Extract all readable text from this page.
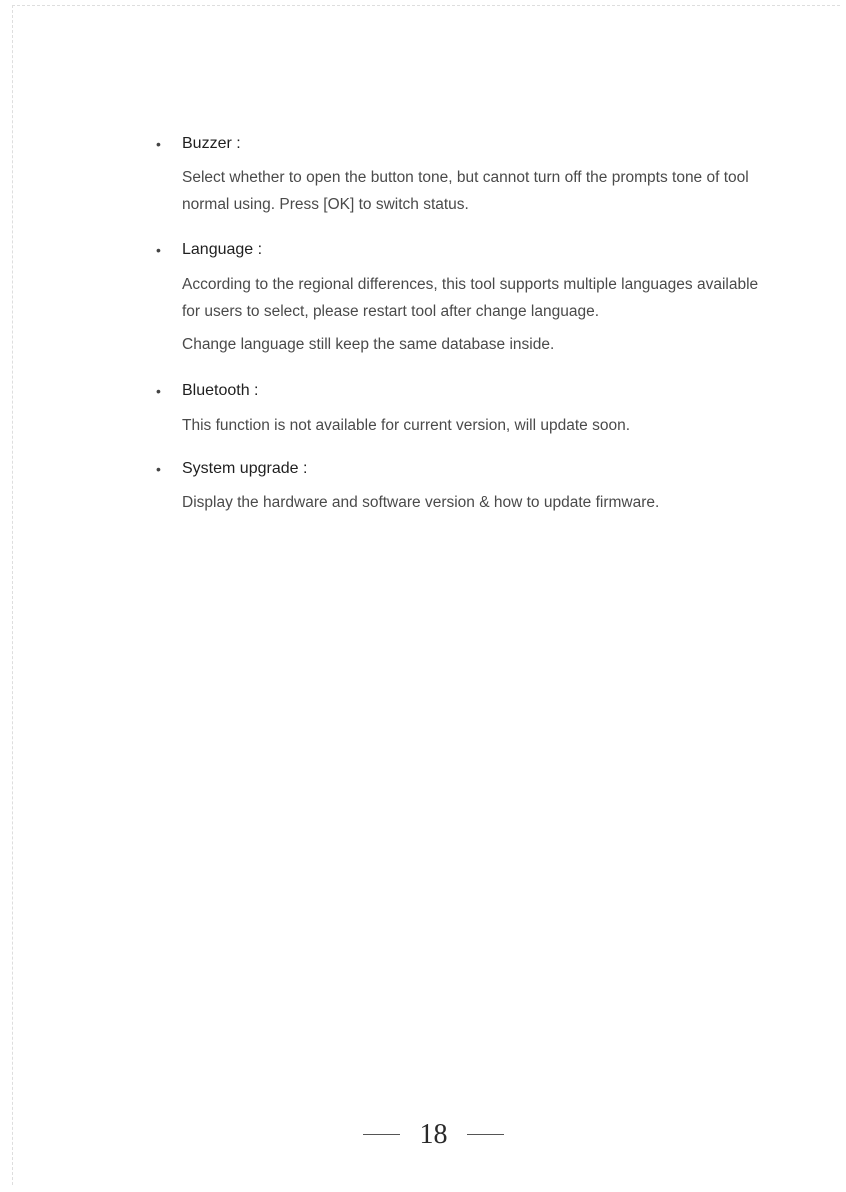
• Buzzer :

Select whether to open the button tone, but cannot turn off the prompts tone of tool normal using. Press [OK] to switch status.

• Language :

According to the regional differences, this tool supports multiple languages available for users to select, please restart tool after change language.

Change language still keep the same database inside.

• Bluetooth :

This function is not available for current version, will update soon.

• System upgrade :

Display the hardware and software version & how to update firmware.

18
